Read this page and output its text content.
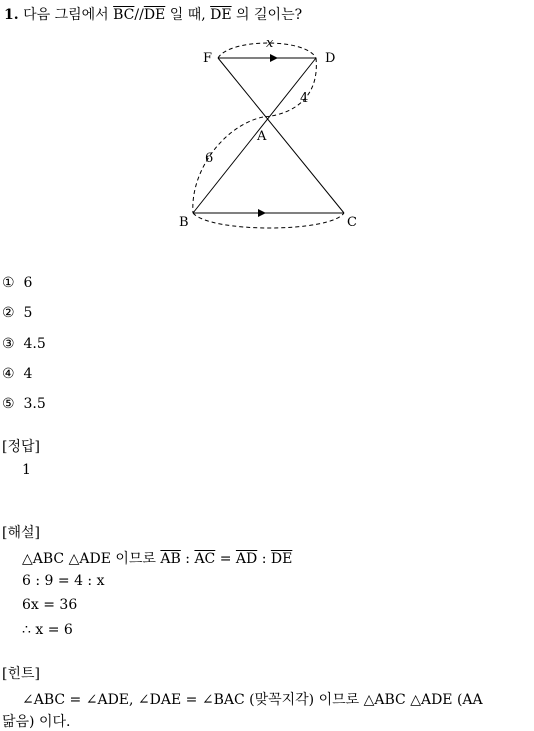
1. 다음 그림에서 $\overline{BC}//\overline{DE}$ 일 때, $\overline{DE}$ 의 길이는?
F	D
A
B	C
x
4
6
① 6
② 5
③ 4.5
④ 4
⑤ 3.5
[정답]
1
[해설]
△ABC △ADE 이므로 $\overline{AB}$ : $\overline{AC} = \overline{AD}$ : $\overline{DE}$
6 : 9 = 4 : x
6x = 36
∴ x = 6
[힌트]
∠ABC = ∠ADE, ∠DAE = ∠BAC (맞꼭지각) 이므로 △ABC △ADE (AA
닮음) 이다.
